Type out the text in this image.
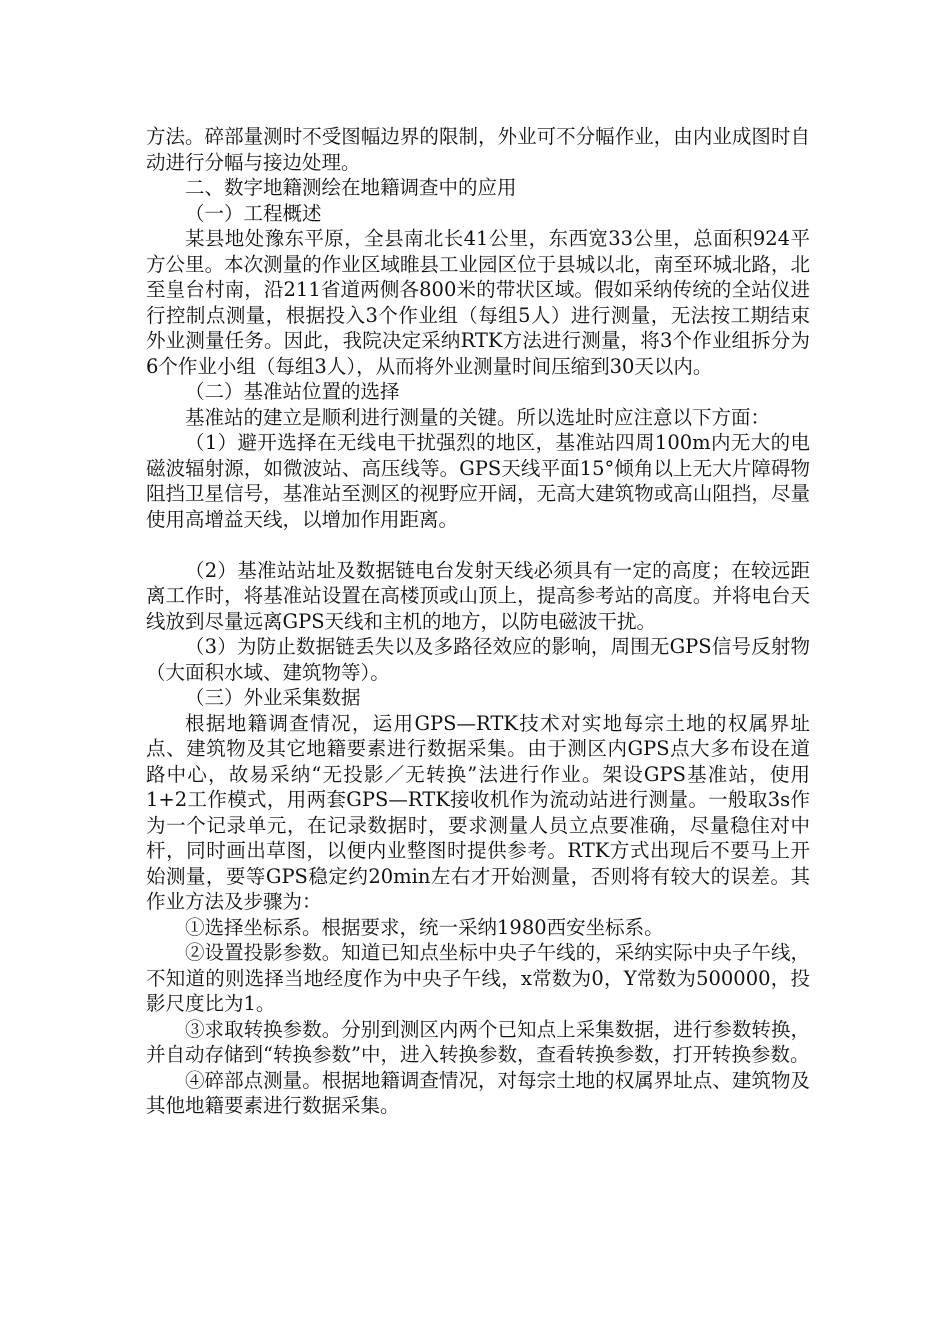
方法。碎部量测时不受图幅边界的限制，外业可不分幅作业，由内业成图时自动进行分幅与接边处理。

二、数字地籍测绘在地籍调查中的应用

（一）工程概述

某县地处豫东平原，全县南北长41公里，东西宽33公里，总面积924平方公里。本次测量的作业区域睢县工业园区位于县城以北，南至环城北路，北至皇台村南，沿211省道两侧各800米的带状区域。假如采纳传统的全站仪进行控制点测量，根据投入3个作业组（每组5人）进行测量，无法按工期结束外业测量任务。因此，我院决定采纳RTK方法进行测量，将3个作业组拆分为6个作业小组（每组3人），从而将外业测量时间压缩到30天以内。

（二）基准站位置的选择

基准站的建立是顺利进行测量的关键。所以选址时应注意以下方面：

（1）避开选择在无线电干扰强烈的地区，基准站四周100m内无大的电磁波辐射源，如微波站、高压线等。GPS天线平面15°倾角以上无大片障碍物阻挡卫星信号，基准站至测区的视野应开阔，无高大建筑物或高山阻挡，尽量使用高增益天线，以增加作用距离。

（2）基准站站址及数据链电台发射天线必须具有一定的高度；在较远距离工作时，将基准站设置在高楼顶或山顶上，提高参考站的高度。并将电台天线放到尽量远离GPS天线和主机的地方，以防电磁波干扰。

（3）为防止数据链丢失以及多路径效应的影响，周围无GPS信号反射物（大面积水域、建筑物等）。

（三）外业采集数据

根据地籍调查情况，运用GPS—RTK技术对实地每宗土地的权属界址点、建筑物及其它地籍要素进行数据采集。由于测区内GPS点大多布设在道路中心，故易采纳“无投影／无转换”法进行作业。架设GPS基准站，使用1+2工作模式，用两套GPS—RTK接收机作为流动站进行测量。一般取3s作为一个记录单元，在记录数据时，要求测量人员立点要准确，尽量稳住对中杆，同时画出草图，以便内业整图时提供参考。RTK方式出现后不要马上开始测量，要等GPS稳定约20min左右才开始测量，否则将有较大的误差。其作业方法及步骤为：

①选择坐标系。根据要求，统一采纳1980西安坐标系。

②设置投影参数。知道已知点坐标中央子午线的，采纳实际中央子午线，不知道的则选择当地经度作为中央子午线，x常数为0，Y常数为500000，投影尺度比为1。

③求取转换参数。分别到测区内两个已知点上采集数据，进行参数转换，并自动存储到“转换参数”中，进入转换参数，查看转换参数，打开转换参数。

④碎部点测量。根据地籍调查情况，对每宗土地的权属界址点、建筑物及其他地籍要素进行数据采集。
